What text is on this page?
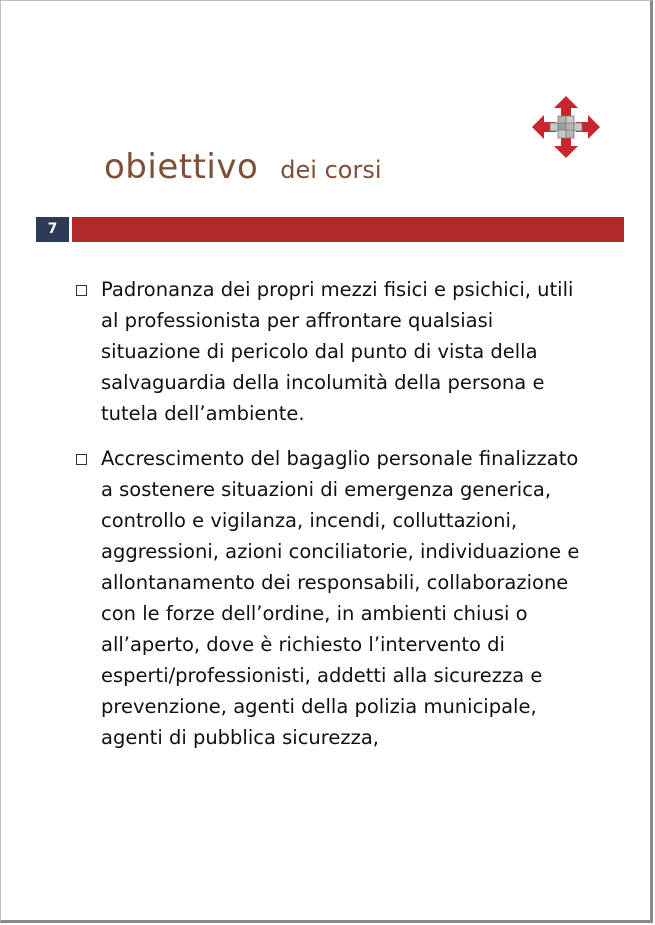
obiettivo dei corsi
7
Padronanza dei propri mezzi fisici e psichici, utili al professionista per affrontare qualsiasi situazione di pericolo dal punto di vista della salvaguardia della incolumità della persona e tutela dell’ambiente.
Accrescimento del bagaglio personale finalizzato a sostenere situazioni di emergenza generica, controllo e vigilanza, incendi, colluttazioni, aggressioni, azioni conciliatorie, individuazione e allontanamento dei responsabili, collaborazione con le forze dell’ordine, in ambienti chiusi o all’aperto, dove è richiesto l’intervento di esperti/professionisti, addetti alla sicurezza e prevenzione, agenti della polizia municipale, agenti di pubblica sicurezza,
